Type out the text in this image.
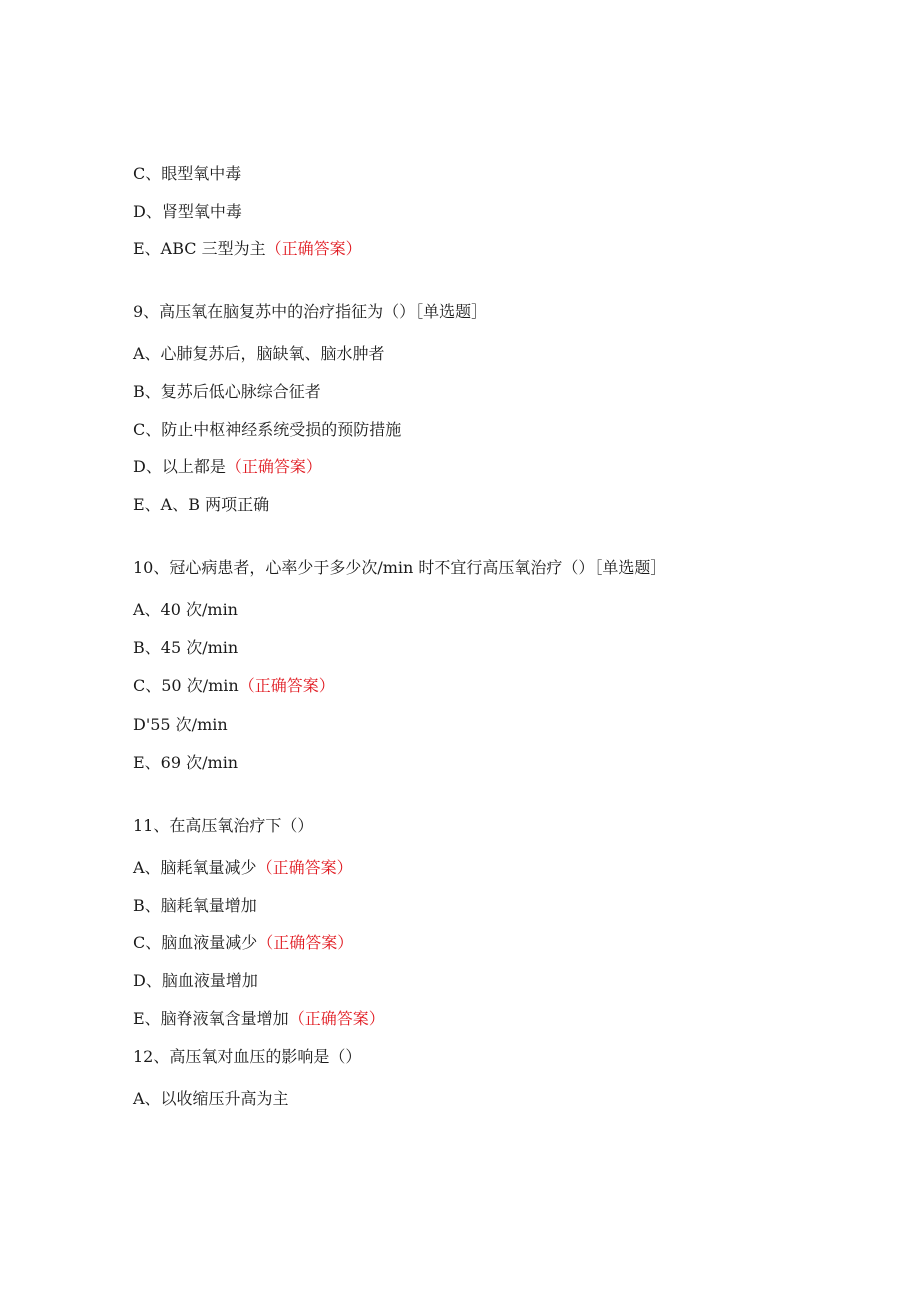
C、眼型氧中毒
D、肾型氧中毒
E、ABC 三型为主（正确答案）
9、高压氧在脑复苏中的治疗指征为（）［单选题］
A、心肺复苏后，脑缺氧、脑水肿者
B、复苏后低心脉综合征者
C、防止中枢神经系统受损的预防措施
D、以上都是（正确答案）
E、A、B 两项正确
10、冠心病患者，心率少于多少次/min 时不宜行高压氧治疗（）［单选题］
A、40 次/min
B、45 次/min
C、50 次/min（正确答案）
D'55 次/min
E、69 次/min
11、在高压氧治疗下（）
A、脑耗氧量减少（正确答案）
B、脑耗氧量增加
C、脑血液量减少（正确答案）
D、脑血液量增加
E、脑脊液氧含量增加（正确答案）
12、高压氧对血压的影响是（）
A、以收缩压升高为主
